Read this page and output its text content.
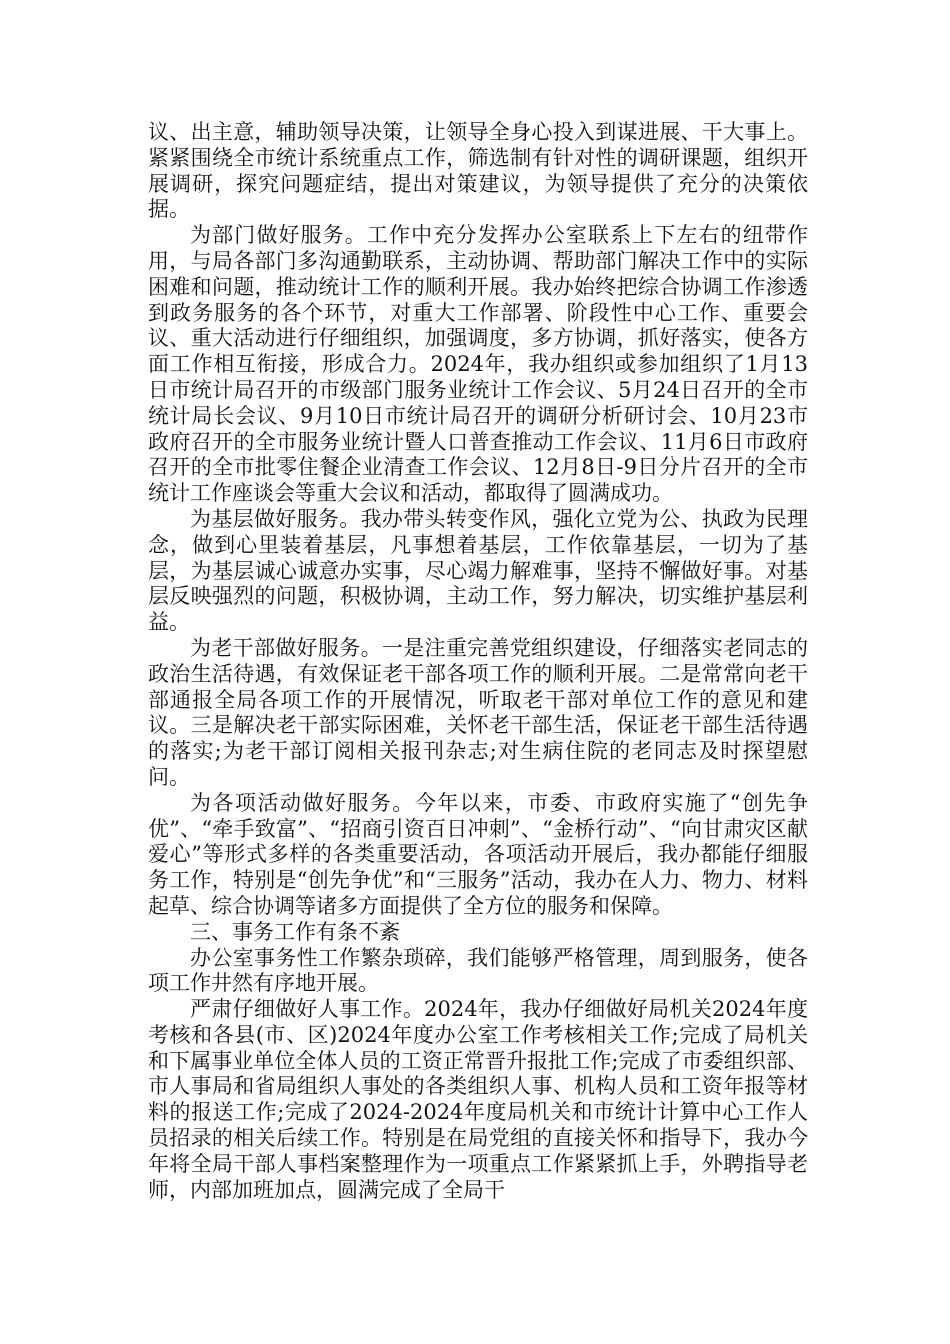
议、出主意，辅助领导决策，让领导全身心投入到谋进展、干大事上。紧紧围绕全市统计系统重点工作，筛选制有针对性的调研课题，组织开展调研，探究问题症结，提出对策建议，为领导提供了充分的决策依据。

为部门做好服务。工作中充分发挥办公室联系上下左右的纽带作用，与局各部门多沟通勤联系，主动协调、帮助部门解决工作中的实际困难和问题，推动统计工作的顺利开展。我办始终把综合协调工作渗透到政务服务的各个环节，对重大工作部署、阶段性中心工作、重要会议、重大活动进行仔细组织，加强调度，多方协调，抓好落实，使各方面工作相互衔接，形成合力。2024年，我办组织或参加组织了1月13日市统计局召开的市级部门服务业统计工作会议、5月24日召开的全市统计局长会议、9月10日市统计局召开的调研分析研讨会、10月23市政府召开的全市服务业统计暨人口普查推动工作会议、11月6日市政府召开的全市批零住餐企业清查工作会议、12月8日-9日分片召开的全市统计工作座谈会等重大会议和活动，都取得了圆满成功。

为基层做好服务。我办带头转变作风，强化立党为公、执政为民理念，做到心里装着基层，凡事想着基层，工作依靠基层，一切为了基层，为基层诚心诚意办实事，尽心竭力解难事，坚持不懈做好事。对基层反映强烈的问题，积极协调，主动工作，努力解决，切实维护基层利益。

为老干部做好服务。一是注重完善党组织建设，仔细落实老同志的政治生活待遇，有效保证老干部各项工作的顺利开展。二是常常向老干部通报全局各项工作的开展情况，听取老干部对单位工作的意见和建议。三是解决老干部实际困难，关怀老干部生活，保证老干部生活待遇的落实;为老干部订阅相关报刊杂志;对生病住院的老同志及时探望慰问。

为各项活动做好服务。今年以来，市委、市政府实施了“创先争优”、“牵手致富”、“招商引资百日冲刺”、“金桥行动”、“向甘肃灾区献爱心”等形式多样的各类重要活动，各项活动开展后，我办都能仔细服务工作，特别是“创先争优”和“三服务”活动，我办在人力、物力、材料起草、综合协调等诸多方面提供了全方位的服务和保障。

三、事务工作有条不紊

办公室事务性工作繁杂琐碎，我们能够严格管理，周到服务，使各项工作井然有序地开展。

严肃仔细做好人事工作。2024年，我办仔细做好局机关2024年度考核和各县(市、区)2024年度办公室工作考核相关工作;完成了局机关和下属事业单位全体人员的工资正常晋升报批工作;完成了市委组织部、市人事局和省局组织人事处的各类组织人事、机构人员和工资年报等材料的报送工作;完成了2024-2024年度局机关和市统计计算中心工作人员招录的相关后续工作。特别是在局党组的直接关怀和指导下，我办今年将全局干部人事档案整理作为一项重点工作紧紧抓上手，外聘指导老师，内部加班加点，圆满完成了全局干
